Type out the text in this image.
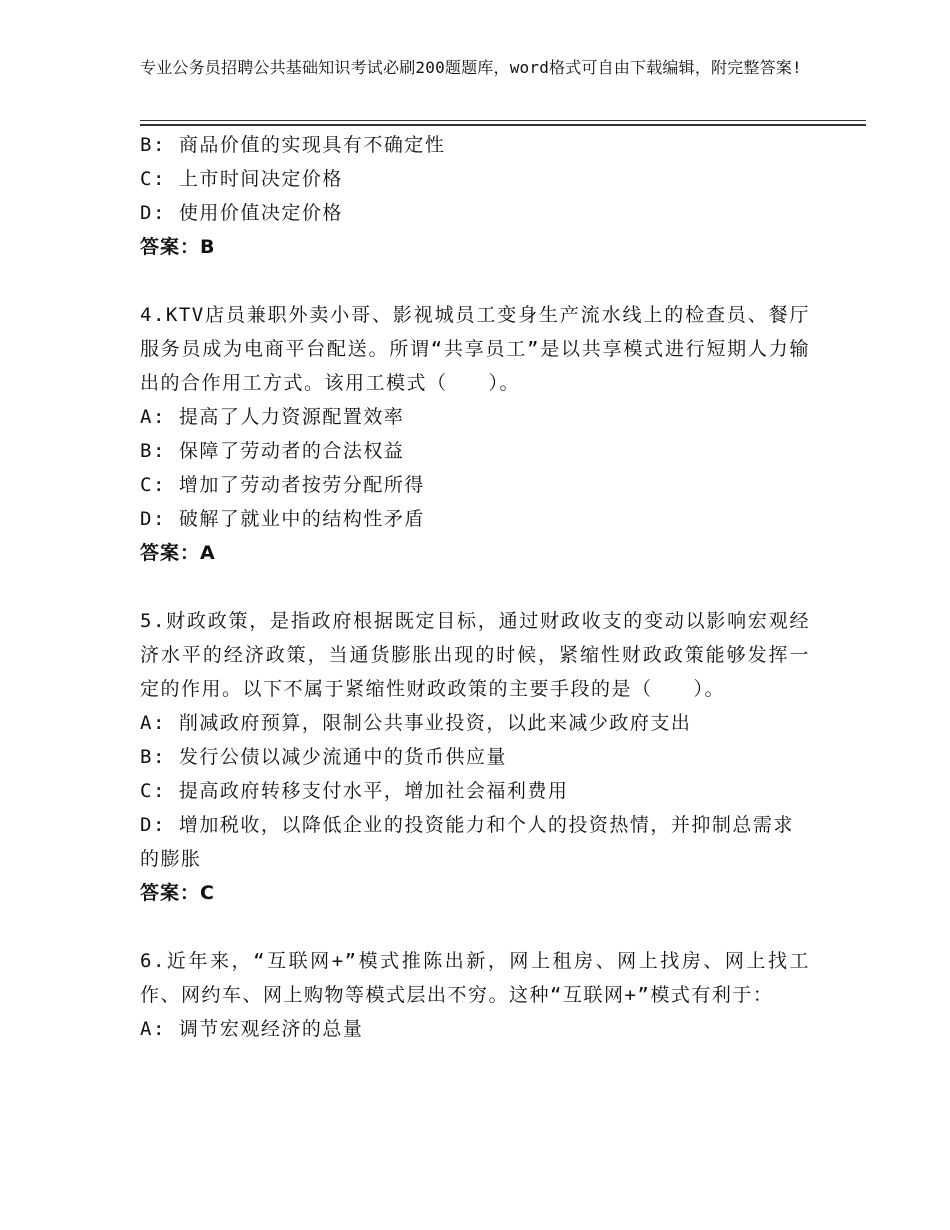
专业公务员招聘公共基础知识考试必刷200题题库，word格式可自由下载编辑，附完整答案!

B: 商品价值的实现具有不确定性

C: 上市时间决定价格

D: 使用价值决定价格

答案：B

4.KTV店员兼职外卖小哥、影视城员工变身生产流水线上的检查员、餐厅服务员成为电商平台配送。所谓“共享员工”是以共享模式进行短期人力输出的合作用工方式。该用工模式（　　）。

A: 提高了人力资源配置效率

B: 保障了劳动者的合法权益

C: 增加了劳动者按劳分配所得

D: 破解了就业中的结构性矛盾

答案：A

5.财政政策，是指政府根据既定目标，通过财政收支的变动以影响宏观经济水平的经济政策，当通货膨胀出现的时候，紧缩性财政政策能够发挥一定的作用。以下不属于紧缩性财政政策的主要手段的是（　　）。

A: 削减政府预算，限制公共事业投资，以此来减少政府支出

B: 发行公债以减少流通中的货币供应量

C: 提高政府转移支付水平，增加社会福利费用

D: 增加税收，以降低企业的投资能力和个人的投资热情，并抑制总需求的膨胀

答案：C

6.近年来，“互联网+”模式推陈出新，网上租房、网上找房、网上找工作、网约车、网上购物等模式层出不穷。这种“互联网+”模式有利于：

A: 调节宏观经济的总量
